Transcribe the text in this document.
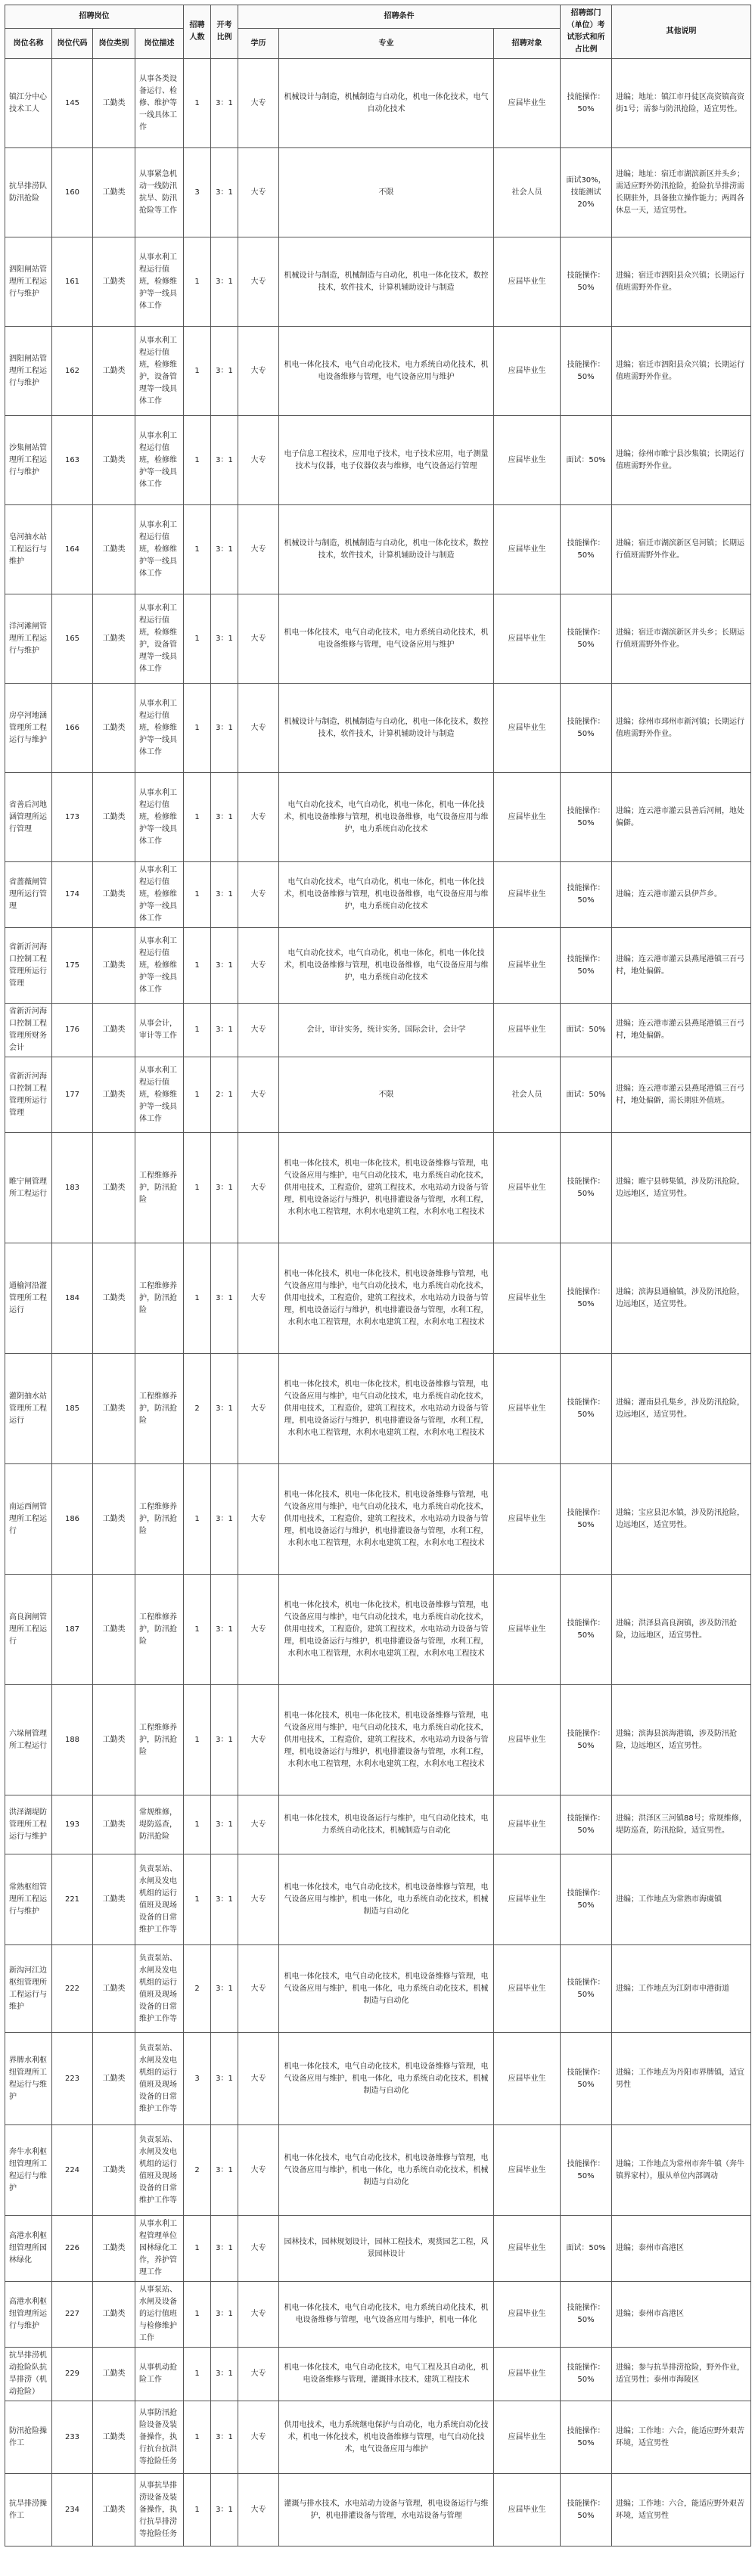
招聘岗位				招聘人数	开考比例	招聘条件			招聘部门（单位）考试形式和所占比例	其他说明
岗位名称	岗位代码	岗位类别	岗位描述			学历	专业	招聘对象		
镇江分中心技术工人	145	工勤类	从事各类设备运行、检修、维护等一线具体工作	1	3：1	大专	机械设计与制造，机械制造与自动化，机电一体化技术，电气自动化技术	应届毕业生	技能操作：50%	进编；地址：镇江市丹徒区高资镇高资街1号；需参与防汛抢险，适宜男性。
抗旱排涝队防汛抢险	160	工勤类	从事紧急机动一线防汛抗旱、防汛抢险等工作	3	3：1	大专	不限	社会人员	面试30%，技能测试20%	进编；地址：宿迁市湖滨新区并头乡；需适应野外防汛抢险，抢险抗旱排涝需长期驻外，具备独立操作能力；两周各休息一天，适宜男性。
泗阳闸站管理所工程运行与维护	161	工勤类	从事水利工程运行值班，检修维护等一线具体工作	1	3：1	大专	机械设计与制造，机械制造与自动化，机电一体化技术，数控技术，软件技术，计算机辅助设计与制造	应届毕业生	技能操作：50%	进编；宿迁市泗阳县众兴镇；长期运行值班需野外作业。
泗阳闸站管理所工程运行与维护	162	工勤类	从事水利工程运行值班，检修维护，设备管理等一线具体工作	1	3：1	大专	机电一体化技术，电气自动化技术，电力系统自动化技术，机电设备维修与管理，电气设备应用与维护	应届毕业生	技能操作：50%	进编；宿迁市泗阳县众兴镇；长期运行值班需野外作业。
沙集闸站管理所工程运行与维护	163	工勤类	从事水利工程运行值班，检修维护等一线具体工作	1	3：1	大专	电子信息工程技术，应用电子技术，电子技术应用，电子测量技术与仪器，电子仪器仪表与维修，电气设备运行管理	应届毕业生	面试：50%	进编；徐州市睢宁县沙集镇；长期运行值班需野外作业。
皂河抽水站工程运行与维护	164	工勤类	从事水利工程运行值班，检修维护等一线具体工作	1	3：1	大专	机械设计与制造，机械制造与自动化，机电一体化技术，数控技术，软件技术，计算机辅助设计与制造	应届毕业生	技能操作：50%	进编；宿迁市湖滨新区皂河镇；长期运行值班需野外作业。
洋河滩闸管理所工程运行与维护	165	工勤类	从事水利工程运行值班，检修维护，设备管理等一线具体工作	1	3：1	大专	机电一体化技术，电气自动化技术，电力系统自动化技术，机电设备维修与管理，电气设备应用与维护	应届毕业生	技能操作：50%	进编；宿迁市湖滨新区并头乡；长期运行值班需野外作业。
房亭河地涵管理所工程运行与维护	166	工勤类	从事水利工程运行值班，检修维护等一线具体工作	1	3：1	大专	机械设计与制造，机械制造与自动化，机电一体化技术，数控技术，软件技术，计算机辅助设计与制造	应届毕业生	技能操作：50%	进编；徐州市邳州市新河镇；长期运行值班需野外作业。
省善后河地涵管理所运行管理	173	工勤类	从事水利工程运行值班，检修维护等一线具体工作	1	3：1	大专	电气自动化技术，电气自动化，机电一体化，机电一体化技术，机电设备维修与管理，机电设备维修，电气设备应用与维护，电力系统自动化技术	应届毕业生	技能操作：50%	进编；连云港市灌云县善后河闸，地处偏僻。
省蔷薇闸管理所运行管理	174	工勤类	从事水利工程运行值班，检修维护等一线具体工作	1	3：1	大专	电气自动化技术，电气自动化，机电一体化，机电一体化技术，机电设备维修与管理，机电设备维修，电气设备应用与维护，电力系统自动化技术	应届毕业生	技能操作：50%	进编；连云港市灌云县伊芦乡。
省新沂河海口控制工程管理所运行管理	175	工勤类	从事水利工程运行值班，检修维护等一线具体工作	1	3：1	大专	电气自动化技术，电气自动化，机电一体化，机电一体化技术，机电设备维修与管理，机电设备维修，电气设备应用与维护，电力系统自动化技术	应届毕业生	技能操作：50%	进编；连云港市灌云县燕尾港镇三百弓村，地处偏僻。
省新沂河海口控制工程管理所财务会计	176	工勤类	从事会计，审计等工作	1	3：1	大专	会计，审计实务，统计实务，国际会计，会计学	应届毕业生	面试：50%	进编；连云港市灌云县燕尾港镇三百弓村，地处偏僻。
省新沂河海口控制工程管理所运行管理	177	工勤类	从事水利工程运行值班，检修维护等一线具体工作	1	2：1	大专	不限	社会人员	面试：50%	进编；连云港市灌云县燕尾港镇三百弓村，地处偏僻，需长期驻外值班。
睢宁闸管理所工程运行	183	工勤类	工程维修养护，防汛抢险	1	3：1	大专	机电一体化技术，机电一体化技术，机电设备维修与管理，电气设备应用与维护，电气自动化技术，电力系统自动化技术，供用电技术，工程造价，建筑工程技术，水电站动力设备与管理，机电设备运行与维护，机电排灌设备与管理，水利工程，水利水电工程管理，水利水电建筑工程，水利水电工程技术	应届毕业生	技能操作：50%	进编；睢宁县韩集镇，涉及防汛抢险，边远地区，适宜男性。
通榆河沿灌管理所工程运行	184	工勤类	工程维修养护，防汛抢险	1	3：1	大专	机电一体化技术，机电一体化技术，机电设备维修与管理，电气设备应用与维护，电气自动化技术，电力系统自动化技术，供用电技术，工程造价，建筑工程技术，水电站动力设备与管理，机电设备运行与维护，机电排灌设备与管理，水利工程，水利水电工程管理，水利水电建筑工程，水利水电工程技术	应届毕业生	技能操作：50%	进编；滨海县通榆镇，涉及防汛抢险，边远地区，适宜男性。
灌阴抽水站管理所工程运行	185	工勤类	工程维修养护，防汛抢险	2	3：1	大专	机电一体化技术，机电一体化技术，机电设备维修与管理，电气设备应用与维护，电气自动化技术，电力系统自动化技术，供用电技术，工程造价，建筑工程技术，水电站动力设备与管理，机电设备运行与维护，机电排灌设备与管理，水利工程，水利水电工程管理，水利水电建筑工程，水利水电工程技术	应届毕业生	技能操作：50%	进编；灌南县孔集乡，涉及防汛抢险，边远地区，适宜男性。
南运西闸管理所工程运行	186	工勤类	工程维修养护，防汛抢险	1	3：1	大专	机电一体化技术，机电一体化技术，机电设备维修与管理，电气设备应用与维护，电气自动化技术，电力系统自动化技术，供用电技术，工程造价，建筑工程技术，水电站动力设备与管理，机电设备运行与维护，机电排灌设备与管理，水利工程，水利水电工程管理，水利水电建筑工程，水利水电工程技术	应届毕业生	技能操作：50%	进编；宝应县氾水镇，涉及防汛抢险，边远地区，适宜男性。
高良涧闸管理所工程运行	187	工勤类	工程维修养护，防汛抢险	1	3：1	大专	机电一体化技术，机电一体化技术，机电设备维修与管理，电气设备应用与维护，电气自动化技术，电力系统自动化技术，供用电技术，工程造价，建筑工程技术，水电站动力设备与管理，机电设备运行与维护，机电排灌设备与管理，水利工程，水利水电工程管理，水利水电建筑工程，水利水电工程技术	应届毕业生	技能操作：50%	进编；洪泽县高良涧镇，涉及防汛抢险，边远地区，适宜男性。
六垛闸管理所工程运行	188	工勤类	工程维修养护，防汛抢险	1	3：1	大专	机电一体化技术，机电一体化技术，机电设备维修与管理，电气设备应用与维护，电气自动化技术，电力系统自动化技术，供用电技术，工程造价，建筑工程技术，水电站动力设备与管理，机电设备运行与维护，机电排灌设备与管理，水利工程，水利水电工程管理，水利水电建筑工程，水利水电工程技术	应届毕业生	技能操作：50%	进编；滨海县滨海港镇，涉及防汛抢险，边远地区，适宜男性。
洪泽湖堤防管理所工程运行与维护	193	工勤类	常规维修，堤防巡查，防汛抢险	1	3：1	大专	机电一体化技术，机电设备运行与维护，电气自动化技术，电力系统自动化技术，机械制造与自动化	应届毕业生	技能操作：50%	进编；洪泽区三河镇88号；常规维修，堤防巡查，防汛抢险，适宜男性。
常熟枢纽管理所工程运行与维护	221	工勤类	负责泵站、水闸及发电机组的运行值班及现场设备的日常维护工作等	1	3：1	大专	机电一体化技术，电气自动化技术，机电设备维修与管理，电气设备应用与维护，机电一体化，电力系统自动化技术，机械制造与自动化	应届毕业生	技能操作：50%	进编；工作地点为常熟市海虞镇
新沟河江边枢纽管理所工程运行与维护	222	工勤类	负责泵站、水闸及发电机组的运行值班及现场设备的日常维护工作等	2	3：1	大专	机电一体化技术，电气自动化技术，机电设备维修与管理，电气设备应用与维护，机电一体化，电力系统自动化技术，机械制造与自动化	应届毕业生	技能操作：50%	进编；工作地点为江阴市申港街道
界牌水利枢纽管理所工程运行与维护	223	工勤类	负责泵站、水闸及发电机组的运行值班及现场设备的日常维护工作等	3	3：1	大专	机电一体化技术，电气自动化技术，机电设备维修与管理，电气设备应用与维护，机电一体化，电力系统自动化技术，机械制造与自动化	应届毕业生	技能操作：50%	进编；工作地点为丹阳市界牌镇，适宜男性
奔牛水利枢纽管理所工程运行与维护	224	工勤类	负责泵站、水闸及发电机组的运行值班及现场设备的日常维护工作等	2	3：1	大专	机电一体化技术，电气自动化技术，机电设备维修与管理，电气设备应用与维护，机电一体化，电力系统自动化技术，机械制造与自动化	应届毕业生	技能操作：50%	进编；工作地点为常州市奔牛镇（奔牛镇界家村），服从单位内部调动
高港水利枢纽管理所园林绿化	226	工勤类	从事水利工程管理单位园林绿化工作，养护管理工作	1	3：1	大专	园林技术，园林规划设计，园林工程技术，观赏园艺工程，风景园林设计	应届毕业生	面试：50%	进编；泰州市高港区
高港水利枢纽管理所运行与维护	227	工勤类	从事泵站、水闸及设备的运行值班与检修维护工作	1	3：1	大专	机电一体化技术，电气自动化技术，电力系统自动化技术，机电设备维修与管理，电气设备应用与维护，机电一体化	应届毕业生	技能操作：50%	进编；泰州市高港区
抗旱排涝机动抢险队抗旱排涝（机动抢险）	229	工勤类	从事机动抢险工作	1	3：1	大专	机电一体化技术，电气自动化技术，电气工程及其自动化，机电设备维修与管理，灌溉排水技术，建筑工程技术	应届毕业生	技能操作：50%	进编；参与抗旱排涝抢险，野外作业，适宜男性；泰州市海陵区
防汛抢险操作工	233	工勤类	从事防汛抢险设备及装备操作，执行抗台抗洪等抢险任务	1	3：1	大专	供用电技术，电力系统继电保护与自动化，电力系统自动化技术，机电一体化技术，机电设备维修与管理，电气自动化技术，电气设备应用与维护	应届毕业生	技能操作：50%	进编；工作地：六合，能适应野外艰苦环境，适宜男性
抗旱排涝操作工	234	工勤类	从事抗旱排涝设备及装备操作，执行抗旱排涝等抢险任务	1	3：1	大专	灌溉与排水技术，水电站动力设备与管理，机电设备运行与维护，机电排灌设备与管理，水电站设备与管理	应届毕业生	技能操作：50%	进编；工作地：六合，能适应野外艰苦环境，适宜男性
